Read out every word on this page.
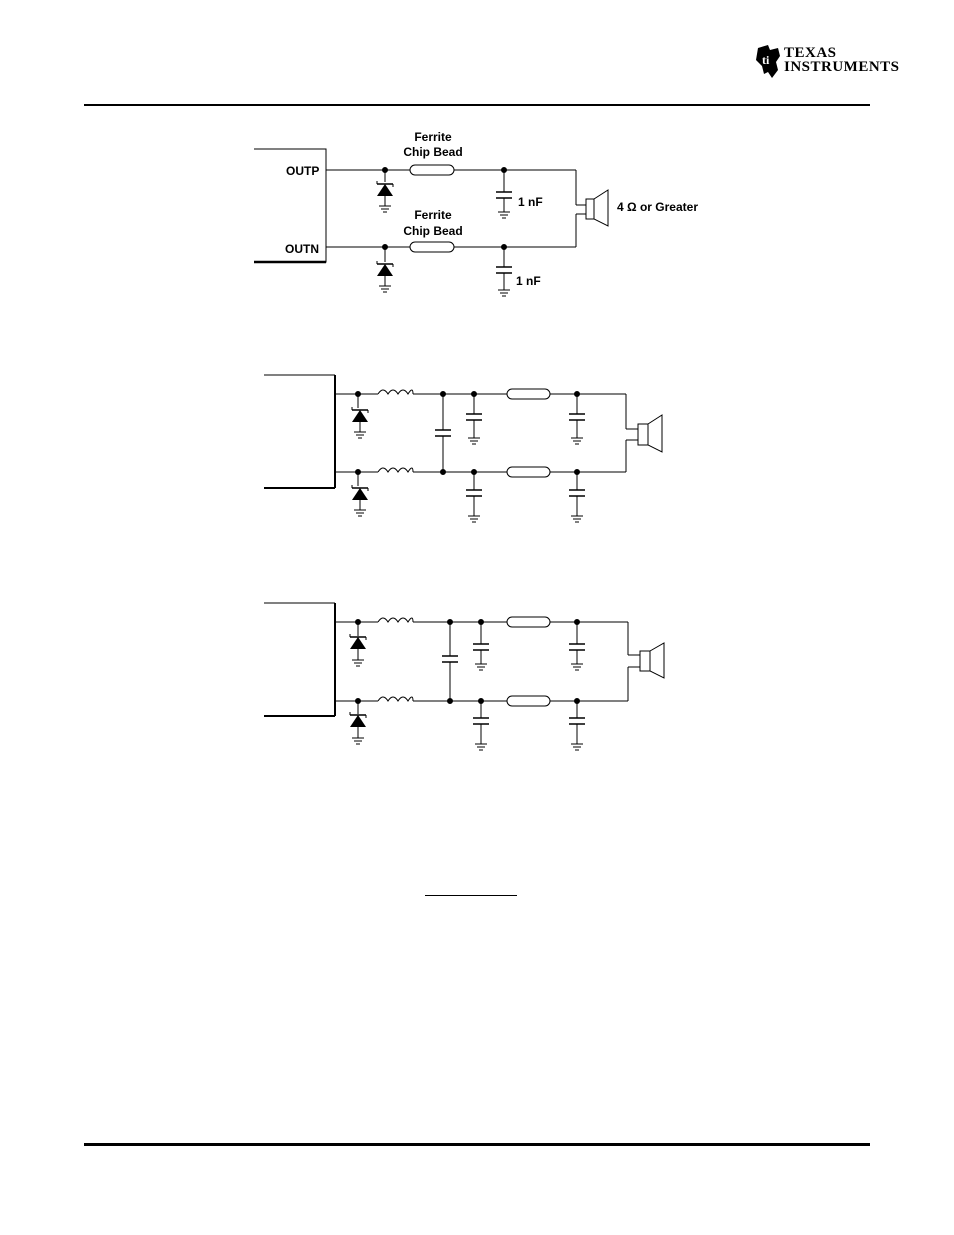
ti TEXAS
INSTRUMENTS
OUTP
OUTN
Ferrite
Chip Bead
Ferrite
Chip Bead
1 nF
1 nF
4 Ω or Greater
